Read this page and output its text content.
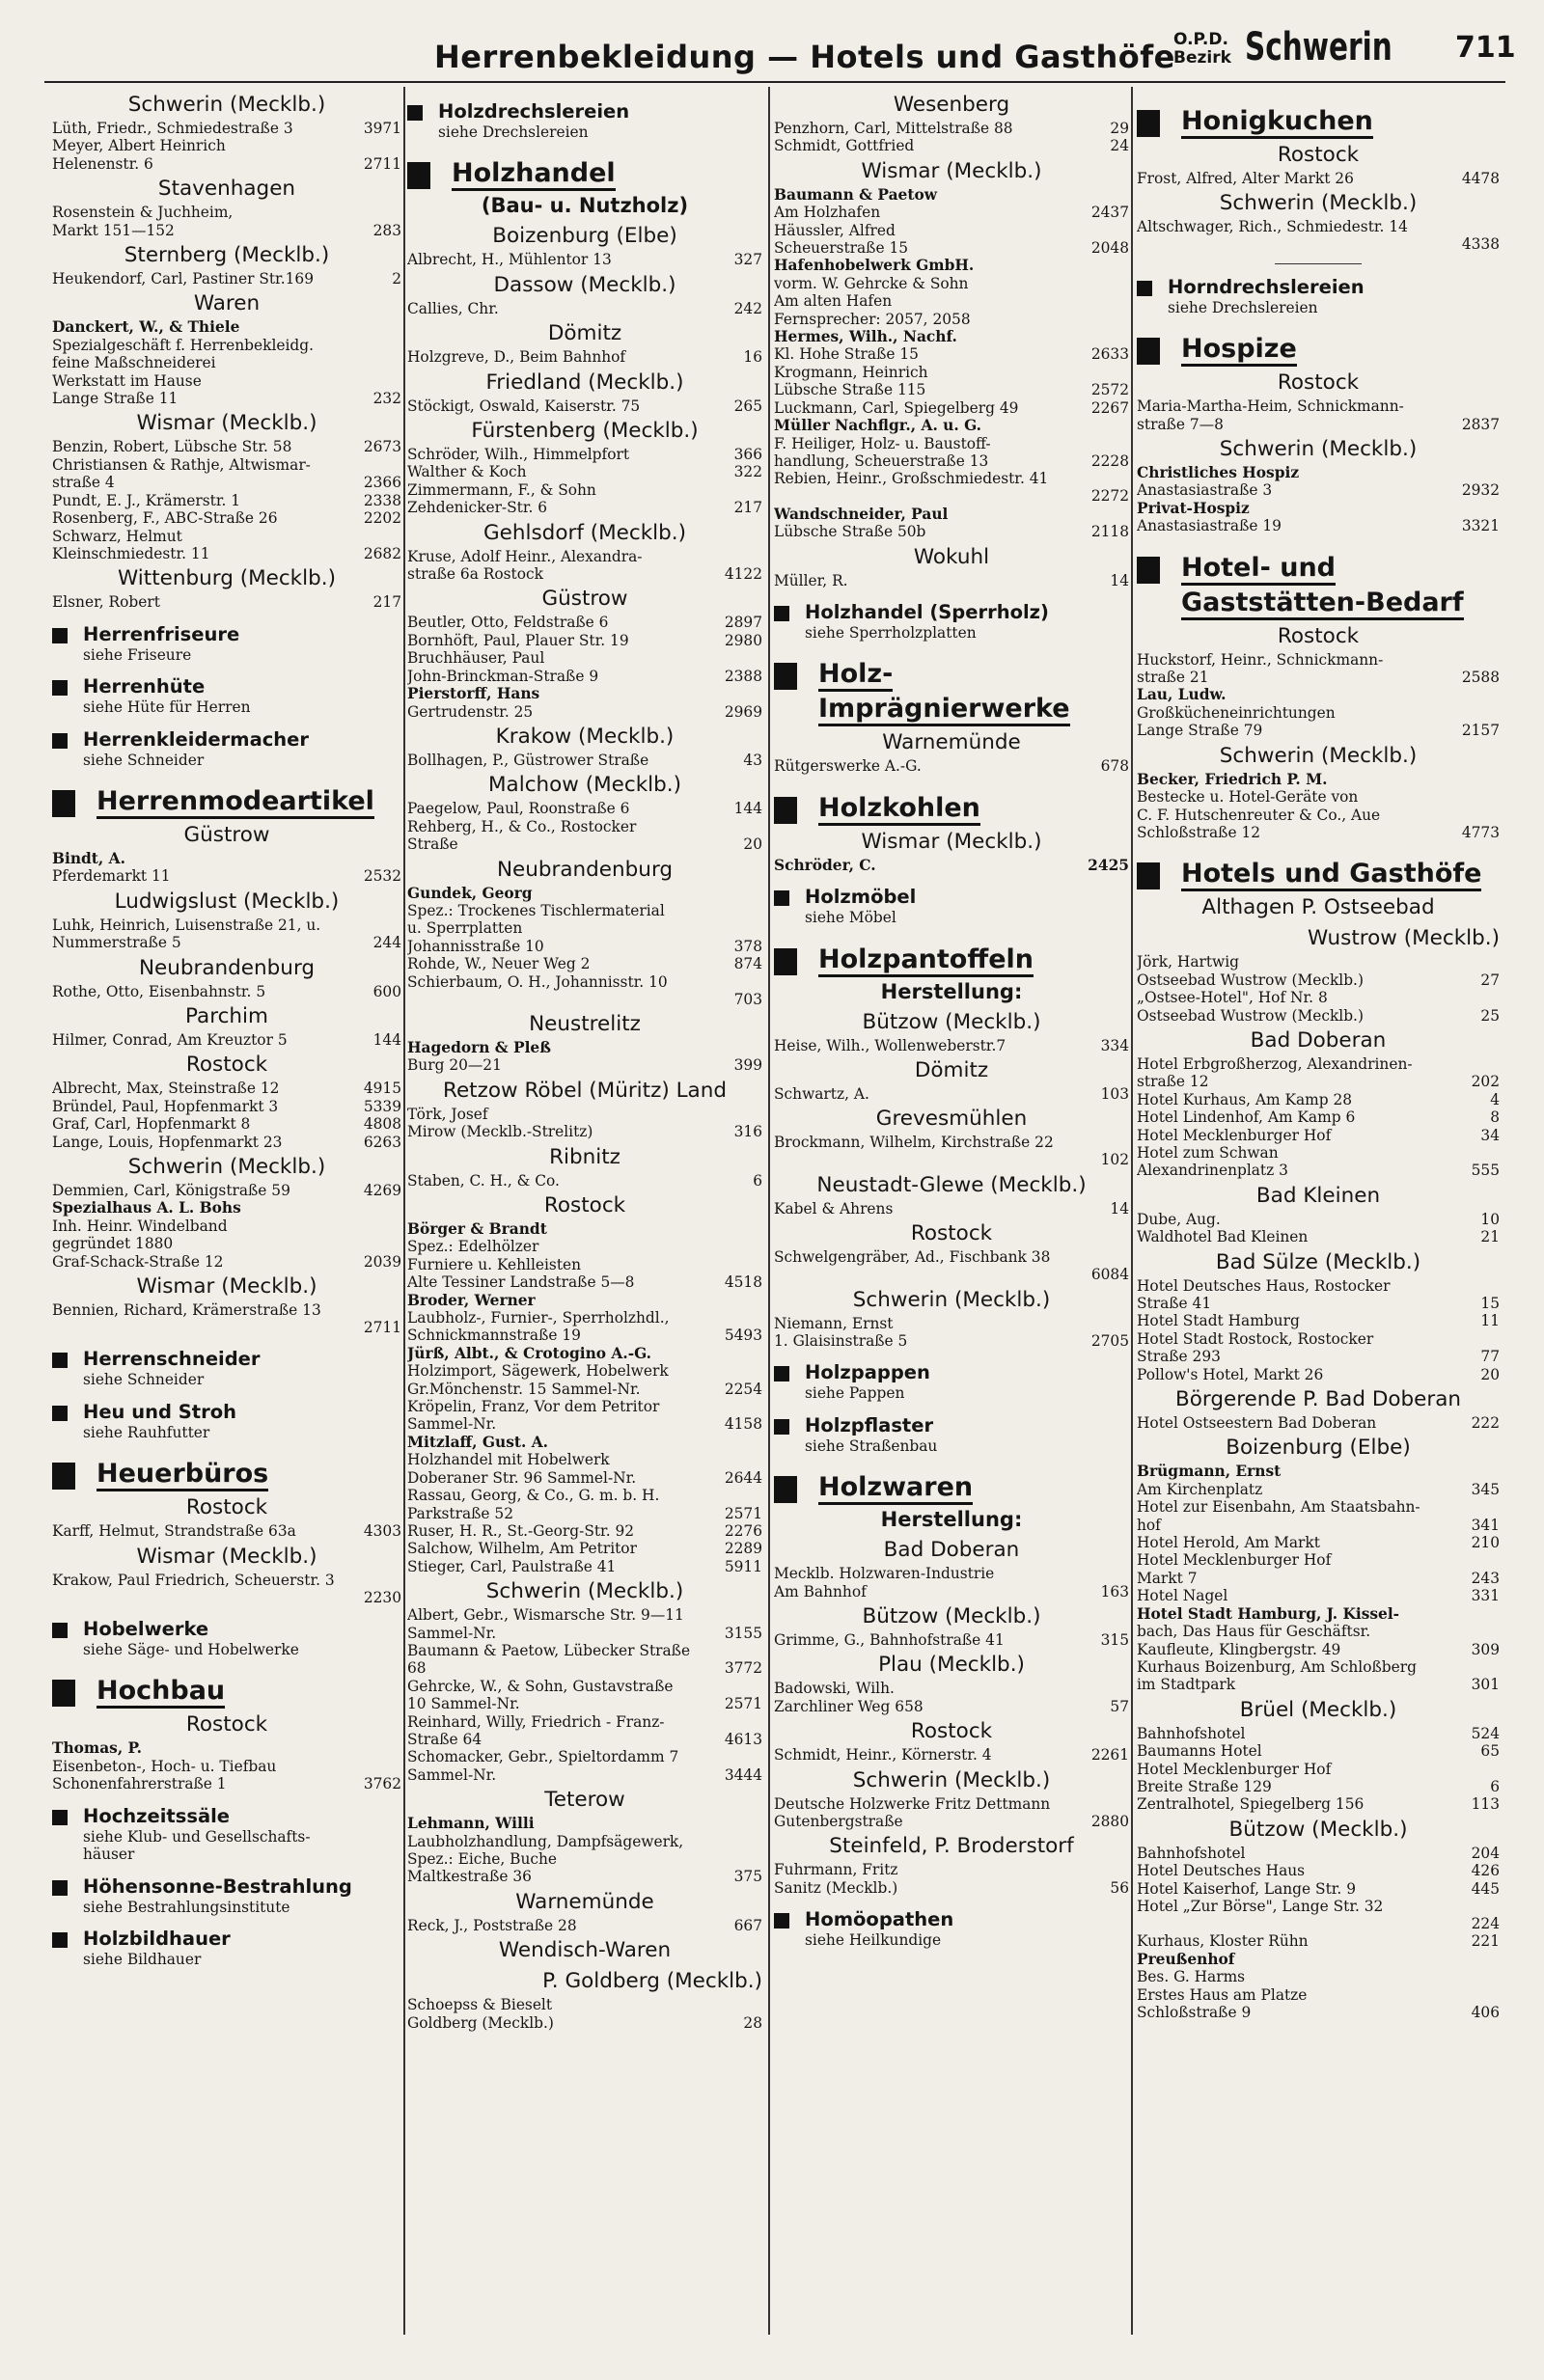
Herrenbekleidung — Hotels und Gasthöfe
O.P.D.
Bezirk Schwerin 711
Schwerin (Mecklb.)
Lüth, Friedr., Schmiedestraße 3	3971
Meyer, Albert Heinrich
Helenenstr. 6	2711
Stavenhagen
Rosenstein & Juchheim,
Markt 151—152	283
Sternberg (Mecklb.)
Heukendorf, Carl, Pastiner Str.169	2
Waren
Danckert, W., & Thiele
Spezialgeschäft f. Herrenbekleidg.
feine Maßschneiderei
Werkstatt im Hause
Lange Straße 11	232
Wismar (Mecklb.)
Benzin, Robert, Lübsche Str. 58	2673
Christiansen & Rathje, Altwismar-
straße 4	2366
Pundt, E. J., Krämerstr. 1	2338
Rosenberg, F., ABC-Straße 26	2202
Schwarz, Helmut
Kleinschmiedestr. 11	2682
Wittenburg (Mecklb.)
Elsner, Robert	217
Herrenfriseure
siehe Friseure
Herrenhüte
siehe Hüte für Herren
Herrenkleidermacher
siehe Schneider
Herrenmodeartikel
Güstrow
Bindt, A.
Pferdemarkt 11	2532
Ludwigslust (Mecklb.)
Luhk, Heinrich, Luisenstraße 21, u.
Nummerstraße 5	244
Neubrandenburg
Rothe, Otto, Eisenbahnstr. 5	600
Parchim
Hilmer, Conrad, Am Kreuztor 5	144
Rostock
Albrecht, Max, Steinstraße 12	4915
Bründel, Paul, Hopfenmarkt 3	5339
Graf, Carl, Hopfenmarkt 8	4808
Lange, Louis, Hopfenmarkt 23	6263
Schwerin (Mecklb.)
Demmien, Carl, Königstraße 59	4269
Spezialhaus A. L. Bohs
Inh. Heinr. Windelband
gegründet 1880
Graf-Schack-Straße 12	2039
Wismar (Mecklb.)
Bennien, Richard, Krämerstraße 13
2711
Herrenschneider
siehe Schneider
Heu und Stroh
siehe Rauhfutter
Heuerbüros
Rostock
Karff, Helmut, Strandstraße 63a	4303
Wismar (Mecklb.)
Krakow, Paul Friedrich, Scheuerstr. 3
2230
Hobelwerke
siehe Säge- und Hobelwerke
Hochbau
Rostock
Thomas, P.
Eisenbeton-, Hoch- u. Tiefbau
Schonenfahrerstraße 1	3762
Hochzeitssäle
siehe Klub- und Gesellschafts-
häuser
Höhensonne-Bestrahlung
siehe Bestrahlungsinstitute
Holzbildhauer
siehe Bildhauer
Holzdrechslereien
siehe Drechslereien
Holzhandel
(Bau- u. Nutzholz)
Boizenburg (Elbe)
Albrecht, H., Mühlentor 13	327
Dassow (Mecklb.)
Callies, Chr.	242
Dömitz
Holzgreve, D., Beim Bahnhof	16
Friedland (Mecklb.)
Stöckigt, Oswald, Kaiserstr. 75	265
Fürstenberg (Mecklb.)
Schröder, Wilh., Himmelpfort	366
Walther & Koch	322
Zimmermann, F., & Sohn
Zehdenicker-Str. 6	217
Gehlsdorf (Mecklb.)
Kruse, Adolf Heinr., Alexandra-
straße 6a Rostock	4122
Güstrow
Beutler, Otto, Feldstraße 6	2897
Bornhöft, Paul, Plauer Str. 19	2980
Bruchhäuser, Paul
John-Brinckman-Straße 9	2388
Pierstorff, Hans
Gertrudenstr. 25	2969
Krakow (Mecklb.)
Bollhagen, P., Güstrower Straße	43
Malchow (Mecklb.)
Paegelow, Paul, Roonstraße 6	144
Rehberg, H., & Co., Rostocker
Straße	20
Neubrandenburg
Gundek, Georg
Spez.: Trockenes Tischlermaterial
u. Sperrplatten
Johannisstraße 10	378
Rohde, W., Neuer Weg 2	874
Schierbaum, O. H., Johannisstr. 10
703
Neustrelitz
Hagedorn & Pleß
Burg 20—21	399
Retzow Röbel (Müritz) Land
Törk, Josef
Mirow (Mecklb.-Strelitz)	316
Ribnitz
Staben, C. H., & Co.	6
Rostock
Börger & Brandt
Spez.: Edelhölzer
Furniere u. Kehlleisten
Alte Tessiner Landstraße 5—8	4518
Broder, Werner
Laubholz-, Furnier-, Sperrholzhdl.,
Schnickmannstraße 19	5493
Jürß, Albt., & Crotogino A.-G.
Holzimport, Sägewerk, Hobelwerk
Gr.Mönchenstr. 15 Sammel-Nr.	2254
Kröpelin, Franz, Vor dem Petritor
Sammel-Nr.	4158
Mitzlaff, Gust. A.
Holzhandel mit Hobelwerk
Doberaner Str. 96 Sammel-Nr.	2644
Rassau, Georg, & Co., G. m. b. H.
Parkstraße 52	2571
Ruser, H. R., St.-Georg-Str. 92	2276
Salchow, Wilhelm, Am Petritor	2289
Stieger, Carl, Paulstraße 41	5911
Schwerin (Mecklb.)
Albert, Gebr., Wismarsche Str. 9—11
Sammel-Nr.	3155
Baumann & Paetow, Lübecker Straße
68	3772
Gehrcke, W., & Sohn, Gustavstraße
10 Sammel-Nr.	2571
Reinhard, Willy, Friedrich - Franz-
Straße 64	4613
Schomacker, Gebr., Spieltordamm 7
Sammel-Nr.	3444
Teterow
Lehmann, Willi
Laubholzhandlung, Dampfsägewerk,
Spez.: Eiche, Buche
Maltkestraße 36	375
Warnemünde
Reck, J., Poststraße 28	667
Wendisch-Waren
P. Goldberg (Mecklb.)
Schoepss & Bieselt
Goldberg (Mecklb.)	28
Wesenberg
Penzhorn, Carl, Mittelstraße 88	29
Schmidt, Gottfried	24
Wismar (Mecklb.)
Baumann & Paetow
Am Holzhafen	2437
Häussler, Alfred
Scheuerstraße 15	2048
Hafenhobelwerk GmbH.
vorm. W. Gehrcke & Sohn
Am alten Hafen
Fernsprecher: 2057, 2058
Hermes, Wilh., Nachf.
Kl. Hohe Straße 15	2633
Krogmann, Heinrich
Lübsche Straße 115	2572
Luckmann, Carl, Spiegelberg 49	2267
Müller Nachflgr., A. u. G.
F. Heiliger, Holz- u. Baustoff-
handlung, Scheuerstraße 13	2228
Rebien, Heinr., Großschmiedestr. 41
2272
Wandschneider, Paul
Lübsche Straße 50b	2118
Wokuhl
Müller, R.	14
Holzhandel (Sperrholz)
siehe Sperrholzplatten
Holz-
Imprägnierwerke
Warnemünde
Rütgerswerke A.-G.	678
Holzkohlen
Wismar (Mecklb.)
Schröder, C.	2425
Holzmöbel
siehe Möbel
Holzpantoffeln
Herstellung:
Bützow (Mecklb.)
Heise, Wilh., Wollenweberstr.7	334
Dömitz
Schwartz, A.	103
Grevesmühlen
Brockmann, Wilhelm, Kirchstraße 22
102
Neustadt-Glewe (Mecklb.)
Kabel & Ahrens	14
Rostock
Schwelgengräber, Ad., Fischbank 38
6084
Schwerin (Mecklb.)
Niemann, Ernst
1. Glaisinstraße 5	2705
Holzpappen
siehe Pappen
Holzpflaster
siehe Straßenbau
Holzwaren
Herstellung:
Bad Doberan
Mecklb. Holzwaren-Industrie
Am Bahnhof	163
Bützow (Mecklb.)
Grimme, G., Bahnhofstraße 41	315
Plau (Mecklb.)
Badowski, Wilh.
Zarchliner Weg 658	57
Rostock
Schmidt, Heinr., Körnerstr. 4	2261
Schwerin (Mecklb.)
Deutsche Holzwerke Fritz Dettmann
Gutenbergstraße	2880
Steinfeld, P. Broderstorf
Fuhrmann, Fritz
Sanitz (Mecklb.)	56
Homöopathen
siehe Heilkundige
Honigkuchen
Rostock
Frost, Alfred, Alter Markt 26	4478
Schwerin (Mecklb.)
Altschwager, Rich., Schmiedestr. 14
4338
Horndrechslereien
siehe Drechslereien
Hospize
Rostock
Maria-Martha-Heim, Schnickmann-
straße 7—8	2837
Schwerin (Mecklb.)
Christliches Hospiz
Anastasiastraße 3	2932
Privat-Hospiz
Anastasiastraße 19	3321
Hotel- und
Gaststätten-Bedarf
Rostock
Huckstorf, Heinr., Schnickmann-
straße 21	2588
Lau, Ludw.
Großkücheneinrichtungen
Lange Straße 79	2157
Schwerin (Mecklb.)
Becker, Friedrich P. M.
Bestecke u. Hotel-Geräte von
C. F. Hutschenreuter & Co., Aue
Schloßstraße 12	4773
Hotels und Gasthöfe
Althagen P. Ostseebad
Wustrow (Mecklb.)
Jörk, Hartwig
Ostseebad Wustrow (Mecklb.)	27
„Ostsee-Hotel", Hof Nr. 8
Ostseebad Wustrow (Mecklb.)	25
Bad Doberan
Hotel Erbgroßherzog, Alexandrinen-
straße 12	202
Hotel Kurhaus, Am Kamp 28	4
Hotel Lindenhof, Am Kamp 6	8
Hotel Mecklenburger Hof	34
Hotel zum Schwan
Alexandrinenplatz 3	555
Bad Kleinen
Dube, Aug.	10
Waldhotel Bad Kleinen	21
Bad Sülze (Mecklb.)
Hotel Deutsches Haus, Rostocker
Straße 41	15
Hotel Stadt Hamburg	11
Hotel Stadt Rostock, Rostocker
Straße 293	77
Pollow's Hotel, Markt 26	20
Börgerende P. Bad Doberan
Hotel Ostseestern Bad Doberan	222
Boizenburg (Elbe)
Brügmann, Ernst
Am Kirchenplatz	345
Hotel zur Eisenbahn, Am Staatsbahn-
hof	341
Hotel Herold, Am Markt	210
Hotel Mecklenburger Hof
Markt 7	243
Hotel Nagel	331
Hotel Stadt Hamburg, J. Kissel-
bach, Das Haus für Geschäftsr.
Kaufleute, Klingbergstr. 49	309
Kurhaus Boizenburg, Am Schloßberg
im Stadtpark	301
Brüel (Mecklb.)
Bahnhofshotel	524
Baumanns Hotel	65
Hotel Mecklenburger Hof
Breite Straße 129	6
Zentralhotel, Spiegelberg 156	113
Bützow (Mecklb.)
Bahnhofshotel	204
Hotel Deutsches Haus	426
Hotel Kaiserhof, Lange Str. 9	445
Hotel „Zur Börse", Lange Str. 32
224
Kurhaus, Kloster Rühn	221
Preußenhof
Bes. G. Harms
Erstes Haus am Platze
Schloßstraße 9	406
